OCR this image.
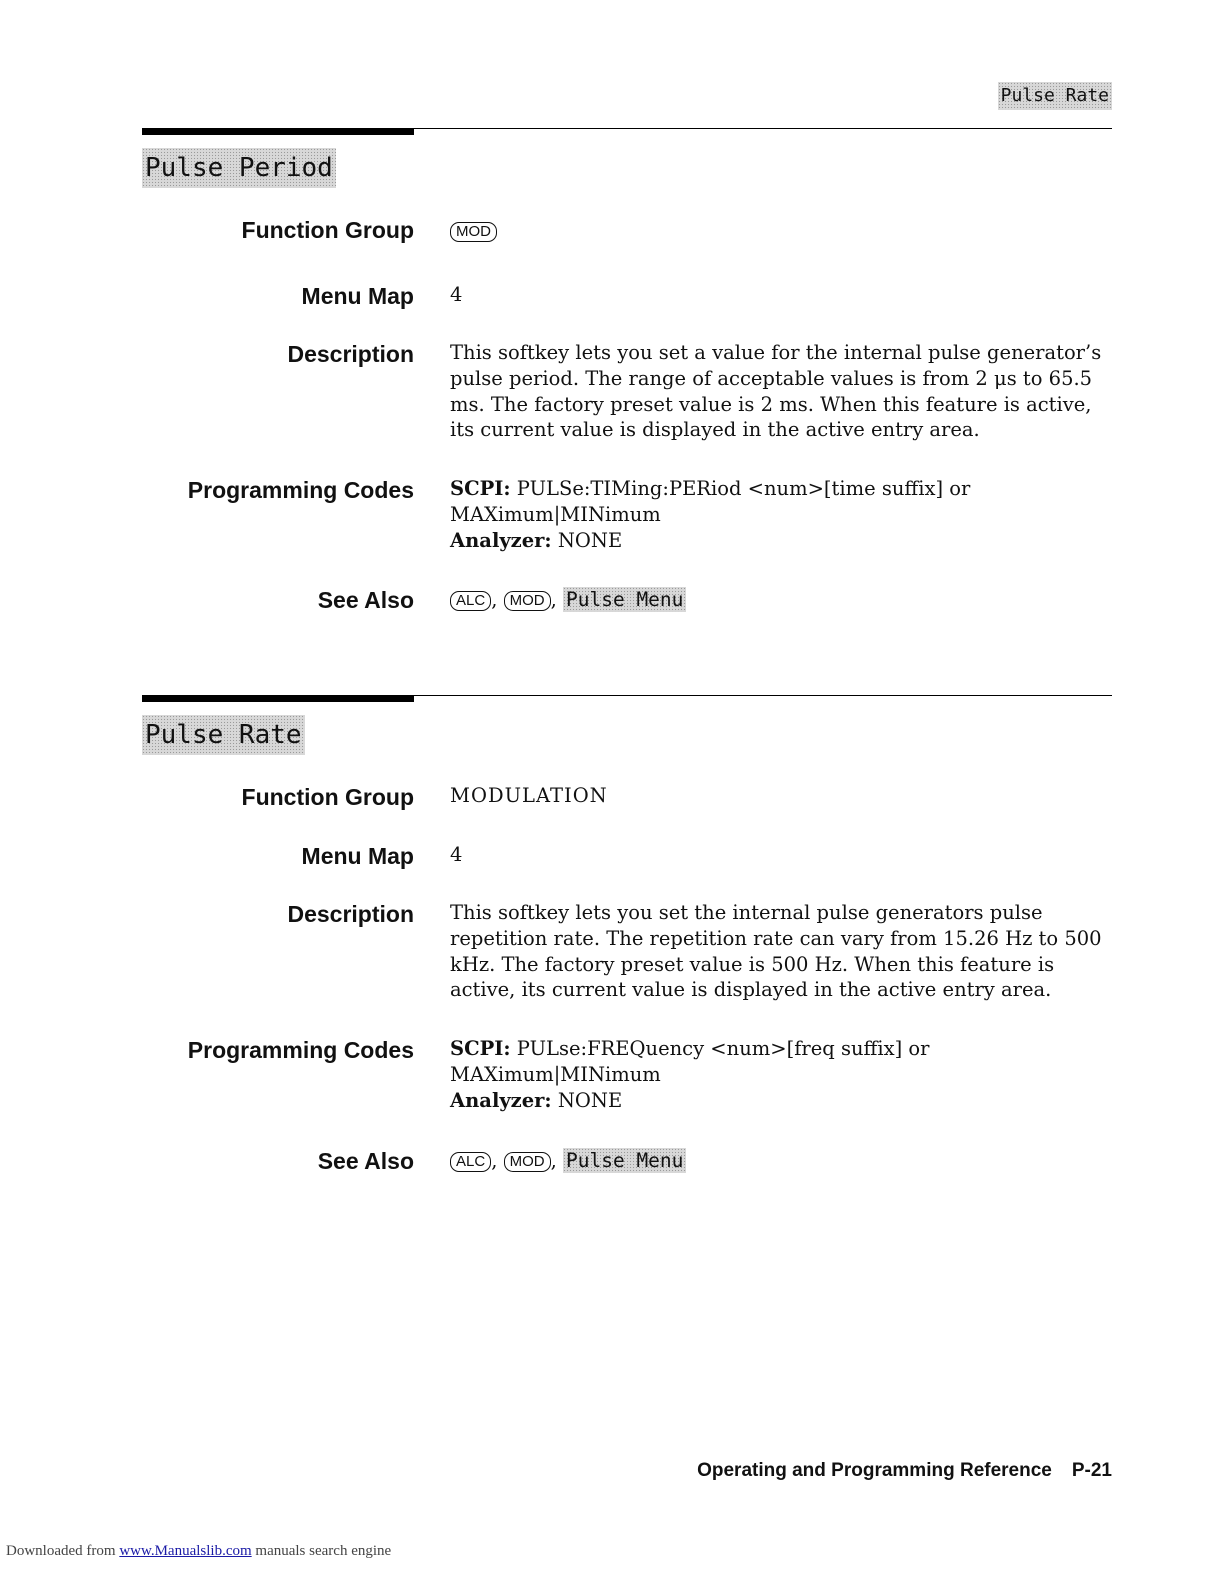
Pulse Rate
Pulse Period
Function Group	MOD
Menu Map 4
Description This softkey lets you set a value for the internal pulse generator’s pulse period. The range of acceptable values is from 2 μs to 65.5 ms. The factory preset value is 2 ms. When this feature is active, its current value is displayed in the active entry area.
Programming Codes SCPI: PULSe:TIMing:PERiod <num>[time suffix] or MAXimum|MINimum

Analyzer: NONE

See Also	ALC , MOD , Pulse Menu
Pulse Rate
Function Group MODULATION
Menu Map 4
Description This softkey lets you set the internal pulse generators pulse repetition rate. The repetition rate can vary from 15.26 Hz to 500 kHz. The factory preset value is 500 Hz. When this feature is active, its current value is displayed in the active entry area.
Programming Codes SCPI: PULse:FREQuency <num>[freq suffix] or MAXimum|MINimum

Analyzer: NONE

See Also	ALC , MOD , Pulse Menu
Operating and Programming Reference P-21
Downloaded from www.Manualslib.com manuals search engine
